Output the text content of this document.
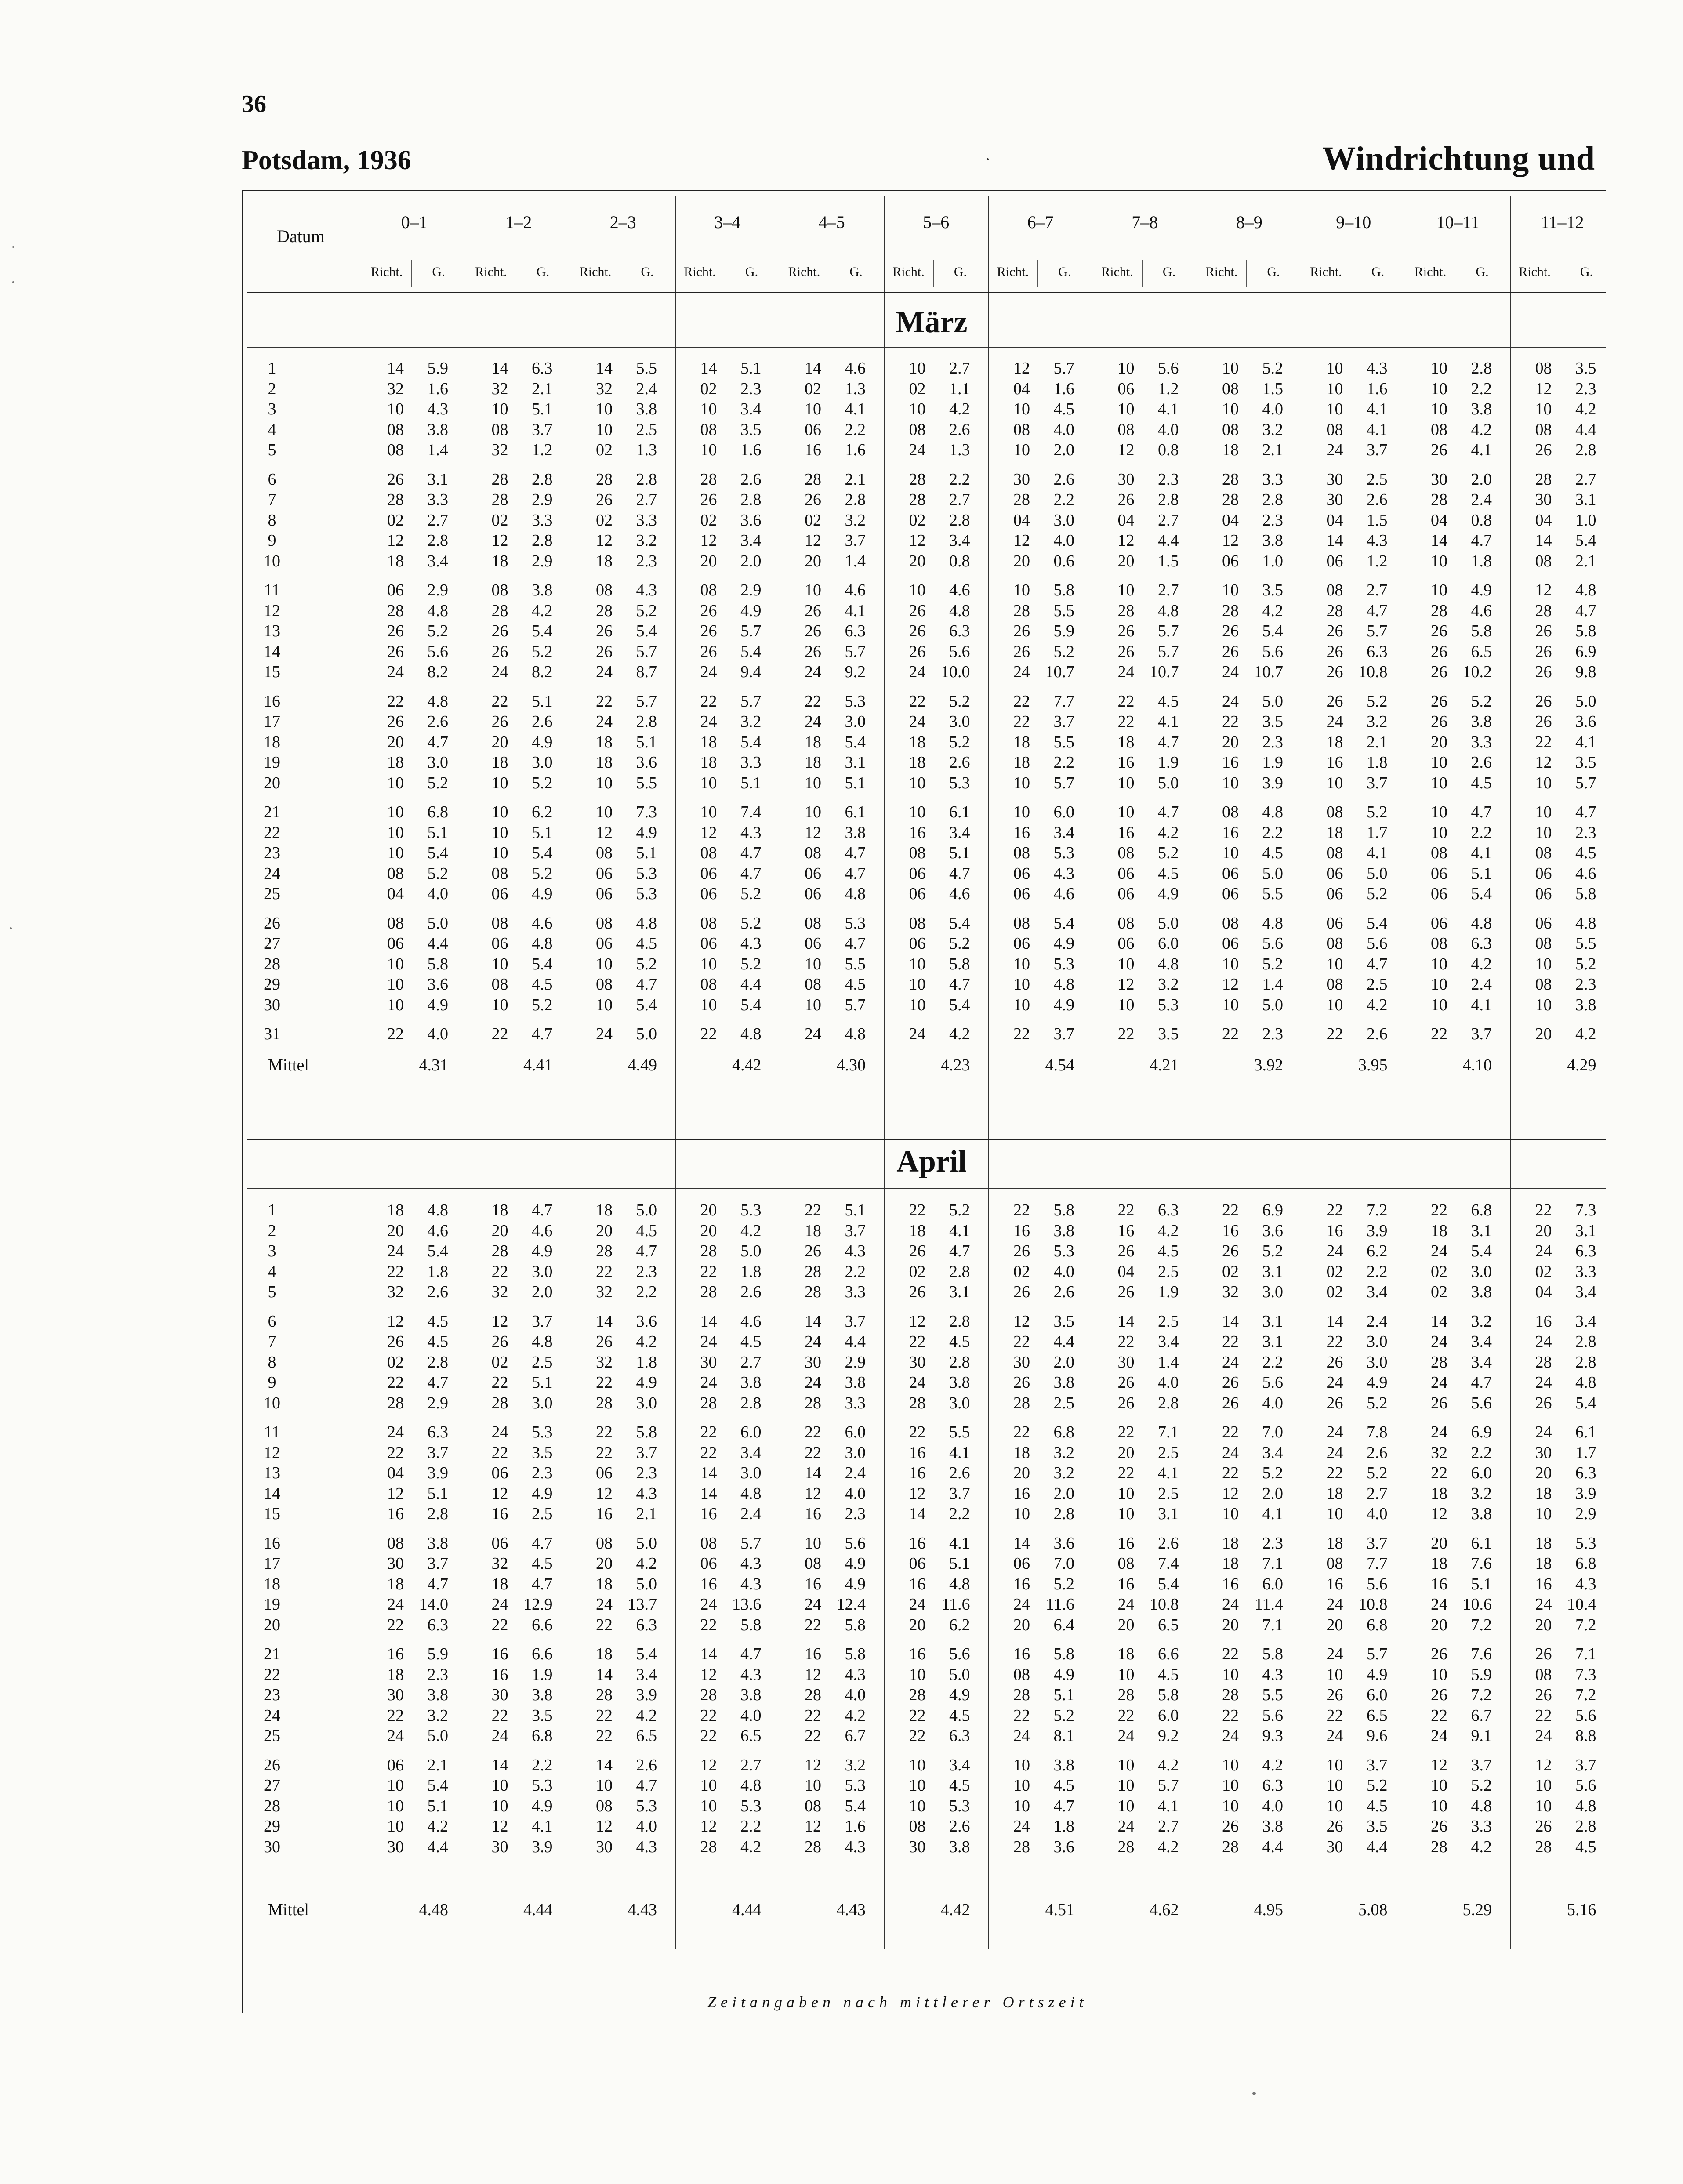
36
Potsdam, 1936	Windrichtung und
Datum
1	14 5.9	14 6.3	14 5.5	14 5.1	14 4.6	10 2.7	12 5.7	10 5.6	10 5.2	10 4.3	10 2.8	08 3.5
2	32 1.6	32 2.1	32 2.4	02 2.3	02 1.3	02 1.1	04 1.6	06 1.2	08 1.5	10 1.6	10 2.2	12 2.3
3	10 4.3	10 5.1	10 3.8	10 3.4	10 4.1	10 4.2	10 4.5	10 4.1	10 4.0	10 4.1	10 3.8	10 4.2
4	08 3.8	08 3.7	10 2.5	08 3.5	06 2.2	08 2.6	08 4.0	08 4.0	08 3.2	08 4.1	08 4.2	08 4.4
5	08 1.4	32 1.2	02 1.3	10 1.6	16 1.6	24 1.3	10 2.0	12 0.8	18 2.1	24 3.7	26 4.1	26 2.8
6	26 3.1	28 2.8	28 2.8	28 2.6	28 2.1	28 2.2	30 2.6	30 2.3	28 3.3	30 2.5	30 2.0	28 2.7
7	28 3.3	28 2.9	26 2.7	26 2.8	26 2.8	28 2.7	28 2.2	26 2.8	28 2.8	30 2.6	28 2.4	30 3.1
8	02 2.7	02 3.3	02 3.3	02 3.6	02 3.2	02 2.8	04 3.0	04 2.7	04 2.3	04 1.5	04 0.8	04 1.0
9	12 2.8	12 2.8	12 3.2	12 3.4	12 3.7	12 3.4	12 4.0	12 4.4	12 3.8	14 4.3	14 4.7	14 5.4
10	18 3.4	18 2.9	18 2.3	20 2.0	20 1.4	20 0.8	20 0.6	20 1.5	06 1.0	06 1.2	10 1.8	08 2.1
11	06 2.9	08 3.8	08 4.3	08 2.9	10 4.6	10 4.6	10 5.8	10 2.7	10 3.5	08 2.7	10 4.9	12 4.8
12	28 4.8	28 4.2	28 5.2	26 4.9	26 4.1	26 4.8	28 5.5	28 4.8	28 4.2	28 4.7	28 4.6	28 4.7
13	26 5.2	26 5.4	26 5.4	26 5.7	26 6.3	26 6.3	26 5.9	26 5.7	26 5.4	26 5.7	26 5.8	26 5.8
14	26 5.6	26 5.2	26 5.7	26 5.4	26 5.7	26 5.6	26 5.2	26 5.7	26 5.6	26 6.3	26 6.5	26 6.9
15	24 8.2	24 8.2	24 8.7	24 9.4	24 9.2	24 10.0	24 10.7	24 10.7	24 10.7	26 10.8	26 10.2	26 9.8
16	22 4.8	22 5.1	22 5.7	22 5.7	22 5.3	22 5.2	22 7.7	22 4.5	24 5.0	26 5.2	26 5.2	26 5.0
17	26 2.6	26 2.6	24 2.8	24 3.2	24 3.0	24 3.0	22 3.7	22 4.1	22 3.5	24 3.2	26 3.8	26 3.6
18	20 4.7	20 4.9	18 5.1	18 5.4	18 5.4	18 5.2	18 5.5	18 4.7	20 2.3	18 2.1	20 3.3	22 4.1
19	18 3.0	18 3.0	18 3.6	18 3.3	18 3.1	18 2.6	18 2.2	16 1.9	16 1.9	16 1.8	10 2.6	12 3.5
20	10 5.2	10 5.2	10 5.5	10 5.1	10 5.1	10 5.3	10 5.7	10 5.0	10 3.9	10 3.7	10 4.5	10 5.7
21	10 6.8	10 6.2	10 7.3	10 7.4	10 6.1	10 6.1	10 6.0	10 4.7	08 4.8	08 5.2	10 4.7	10 4.7
22	10 5.1	10 5.1	12 4.9	12 4.3	12 3.8	16 3.4	16 3.4	16 4.2	16 2.2	18 1.7	10 2.2	10 2.3
23	10 5.4	10 5.4	08 5.1	08 4.7	08 4.7	08 5.1	08 5.3	08 5.2	10 4.5	08 4.1	08 4.1	08 4.5
24	08 5.2	08 5.2	06 5.3	06 4.7	06 4.7	06 4.7	06 4.3	06 4.5	06 5.0	06 5.0	06 5.1	06 4.6
25	04 4.0	06 4.9	06 5.3	06 5.2	06 4.8	06 4.6	06 4.6	06 4.9	06 5.5	06 5.2	06 5.4	06 5.8
26	08 5.0	08 4.6	08 4.8	08 5.2	08 5.3	08 5.4	08 5.4	08 5.0	08 4.8	06 5.4	06 4.8	06 4.8
27	06 4.4	06 4.8	06 4.5	06 4.3	06 4.7	06 5.2	06 4.9	06 6.0	06 5.6	08 5.6	08 6.3	08 5.5
28	10 5.8	10 5.4	10 5.2	10 5.2	10 5.5	10 5.8	10 5.3	10 4.8	10 5.2	10 4.7	10 4.2	10 5.2
29	10 3.6	08 4.5	08 4.7	08 4.4	08 4.5	10 4.7	10 4.8	12 3.2	12 1.4	08 2.5	10 2.4	08 2.3
30	10 4.9	10 5.2	10 5.4	10 5.4	10 5.7	10 5.4	10 4.9	10 5.3	10 5.0	10 4.2	10 4.1	10 3.8
31	22 4.0	22 4.7	24 5.0	22 4.8	24 4.8	24 4.2	22 3.7	22 3.5	22 2.3	22 2.6	22 3.7	20 4.2
Mittel	4.31	4.41	4.49	4.42	4.30	4.23	4.54	4.21	3.92	3.95	4.10	4.29
1	18 4.8	18 4.7	18 5.0	20 5.3	22 5.1	22 5.2	22 5.8	22 6.3	22 6.9	22 7.2	22 6.8	22 7.3
2	20 4.6	20 4.6	20 4.5	20 4.2	18 3.7	18 4.1	16 3.8	16 4.2	16 3.6	16 3.9	18 3.1	20 3.1
3	24 5.4	28 4.9	28 4.7	28 5.0	26 4.3	26 4.7	26 5.3	26 4.5	26 5.2	24 6.2	24 5.4	24 6.3
4	22 1.8	22 3.0	22 2.3	22 1.8	28 2.2	02 2.8	02 4.0	04 2.5	02 3.1	02 2.2	02 3.0	02 3.3
5	32 2.6	32 2.0	32 2.2	28 2.6	28 3.3	26 3.1	26 2.6	26 1.9	32 3.0	02 3.4	02 3.8	04 3.4
6	12 4.5	12 3.7	14 3.6	14 4.6	14 3.7	12 2.8	12 3.5	14 2.5	14 3.1	14 2.4	14 3.2	16 3.4
7	26 4.5	26 4.8	26 4.2	24 4.5	24 4.4	22 4.5	22 4.4	22 3.4	22 3.1	22 3.0	24 3.4	24 2.8
8	02 2.8	02 2.5	32 1.8	30 2.7	30 2.9	30 2.8	30 2.0	30 1.4	24 2.2	26 3.0	28 3.4	28 2.8
9	22 4.7	22 5.1	22 4.9	24 3.8	24 3.8	24 3.8	26 3.8	26 4.0	26 5.6	24 4.9	24 4.7	24 4.8
10	28 2.9	28 3.0	28 3.0	28 2.8	28 3.3	28 3.0	28 2.5	26 2.8	26 4.0	26 5.2	26 5.6	26 5.4
11	24 6.3	24 5.3	22 5.8	22 6.0	22 6.0	22 5.5	22 6.8	22 7.1	22 7.0	24 7.8	24 6.9	24 6.1
12	22 3.7	22 3.5	22 3.7	22 3.4	22 3.0	16 4.1	18 3.2	20 2.5	24 3.4	24 2.6	32 2.2	30 1.7
13	04 3.9	06 2.3	06 2.3	14 3.0	14 2.4	16 2.6	20 3.2	22 4.1	22 5.2	22 5.2	22 6.0	20 6.3
14	12 5.1	12 4.9	12 4.3	14 4.8	12 4.0	12 3.7	16 2.0	10 2.5	12 2.0	18 2.7	18 3.2	18 3.9
15	16 2.8	16 2.5	16 2.1	16 2.4	16 2.3	14 2.2	10 2.8	10 3.1	10 4.1	10 4.0	12 3.8	10 2.9
16	08 3.8	06 4.7	08 5.0	08 5.7	10 5.6	16 4.1	14 3.6	16 2.6	18 2.3	18 3.7	20 6.1	18 5.3
17	30 3.7	32 4.5	20 4.2	06 4.3	08 4.9	06 5.1	06 7.0	08 7.4	18 7.1	08 7.7	18 7.6	18 6.8
18	18 4.7	18 4.7	18 5.0	16 4.3	16 4.9	16 4.8	16 5.2	16 5.4	16 6.0	16 5.6	16 5.1	16 4.3
19	24 14.0	24 12.9	24 13.7	24 13.6	24 12.4	24 11.6	24 11.6	24 10.8	24 11.4	24 10.8	24 10.6	24 10.4
20	22 6.3	22 6.6	22 6.3	22 5.8	22 5.8	20 6.2	20 6.4	20 6.5	20 7.1	20 6.8	20 7.2	20 7.2
21	16 5.9	16 6.6	18 5.4	14 4.7	16 5.8	16 5.6	16 5.8	18 6.6	22 5.8	24 5.7	26 7.6	26 7.1
22	18 2.3	16 1.9	14 3.4	12 4.3	12 4.3	10 5.0	08 4.9	10 4.5	10 4.3	10 4.9	10 5.9	08 7.3
23	30 3.8	30 3.8	28 3.9	28 3.8	28 4.0	28 4.9	28 5.1	28 5.8	28 5.5	26 6.0	26 7.2	26 7.2
24	22 3.2	22 3.5	22 4.2	22 4.0	22 4.2	22 4.5	22 5.2	22 6.0	22 5.6	22 6.5	22 6.7	22 5.6
25	24 5.0	24 6.8	22 6.5	22 6.5	22 6.7	22 6.3	24 8.1	24 9.2	24 9.3	24 9.6	24 9.1	24 8.8
26	06 2.1	14 2.2	14 2.6	12 2.7	12 3.2	10 3.4	10 3.8	10 4.2	10 4.2	10 3.7	12 3.7	12 3.7
27	10 5.4	10 5.3	10 4.7	10 4.8	10 5.3	10 4.5	10 4.5	10 5.7	10 6.3	10 5.2	10 5.2	10 5.6
28	10 5.1	10 4.9	08 5.3	10 5.3	08 5.4	10 5.3	10 4.7	10 4.1	10 4.0	10 4.5	10 4.8	10 4.8
29	10 4.2	12 4.1	12 4.0	12 2.2	12 1.6	08 2.6	24 1.8	24 2.7	26 3.8	26 3.5	26 3.3	26 2.8
30	30 4.4	30 3.9	30 4.3	28 4.2	28 4.3	30 3.8	28 3.6	28 4.2	28 4.4	30 4.4	28 4.2	28 4.5
Mittel	4.48	4.44	4.43	4.44	4.43	4.42	4.51	4.62	4.95	5.08	5.29	5.16
0–1
Richt.	G.
1–2
Richt.	G.
2–3
Richt.	G.
3–4
Richt.	G.
4–5
Richt.	G.
5–6
Richt.	G.
6–7
Richt.	G.
7–8
Richt.	G.
8–9
Richt.	G.
9–10
Richt.	G.
10–11
Richt.	G.
11–12
Richt.	G.
März
April
Zeitangaben nach mittlerer Ortszeit
